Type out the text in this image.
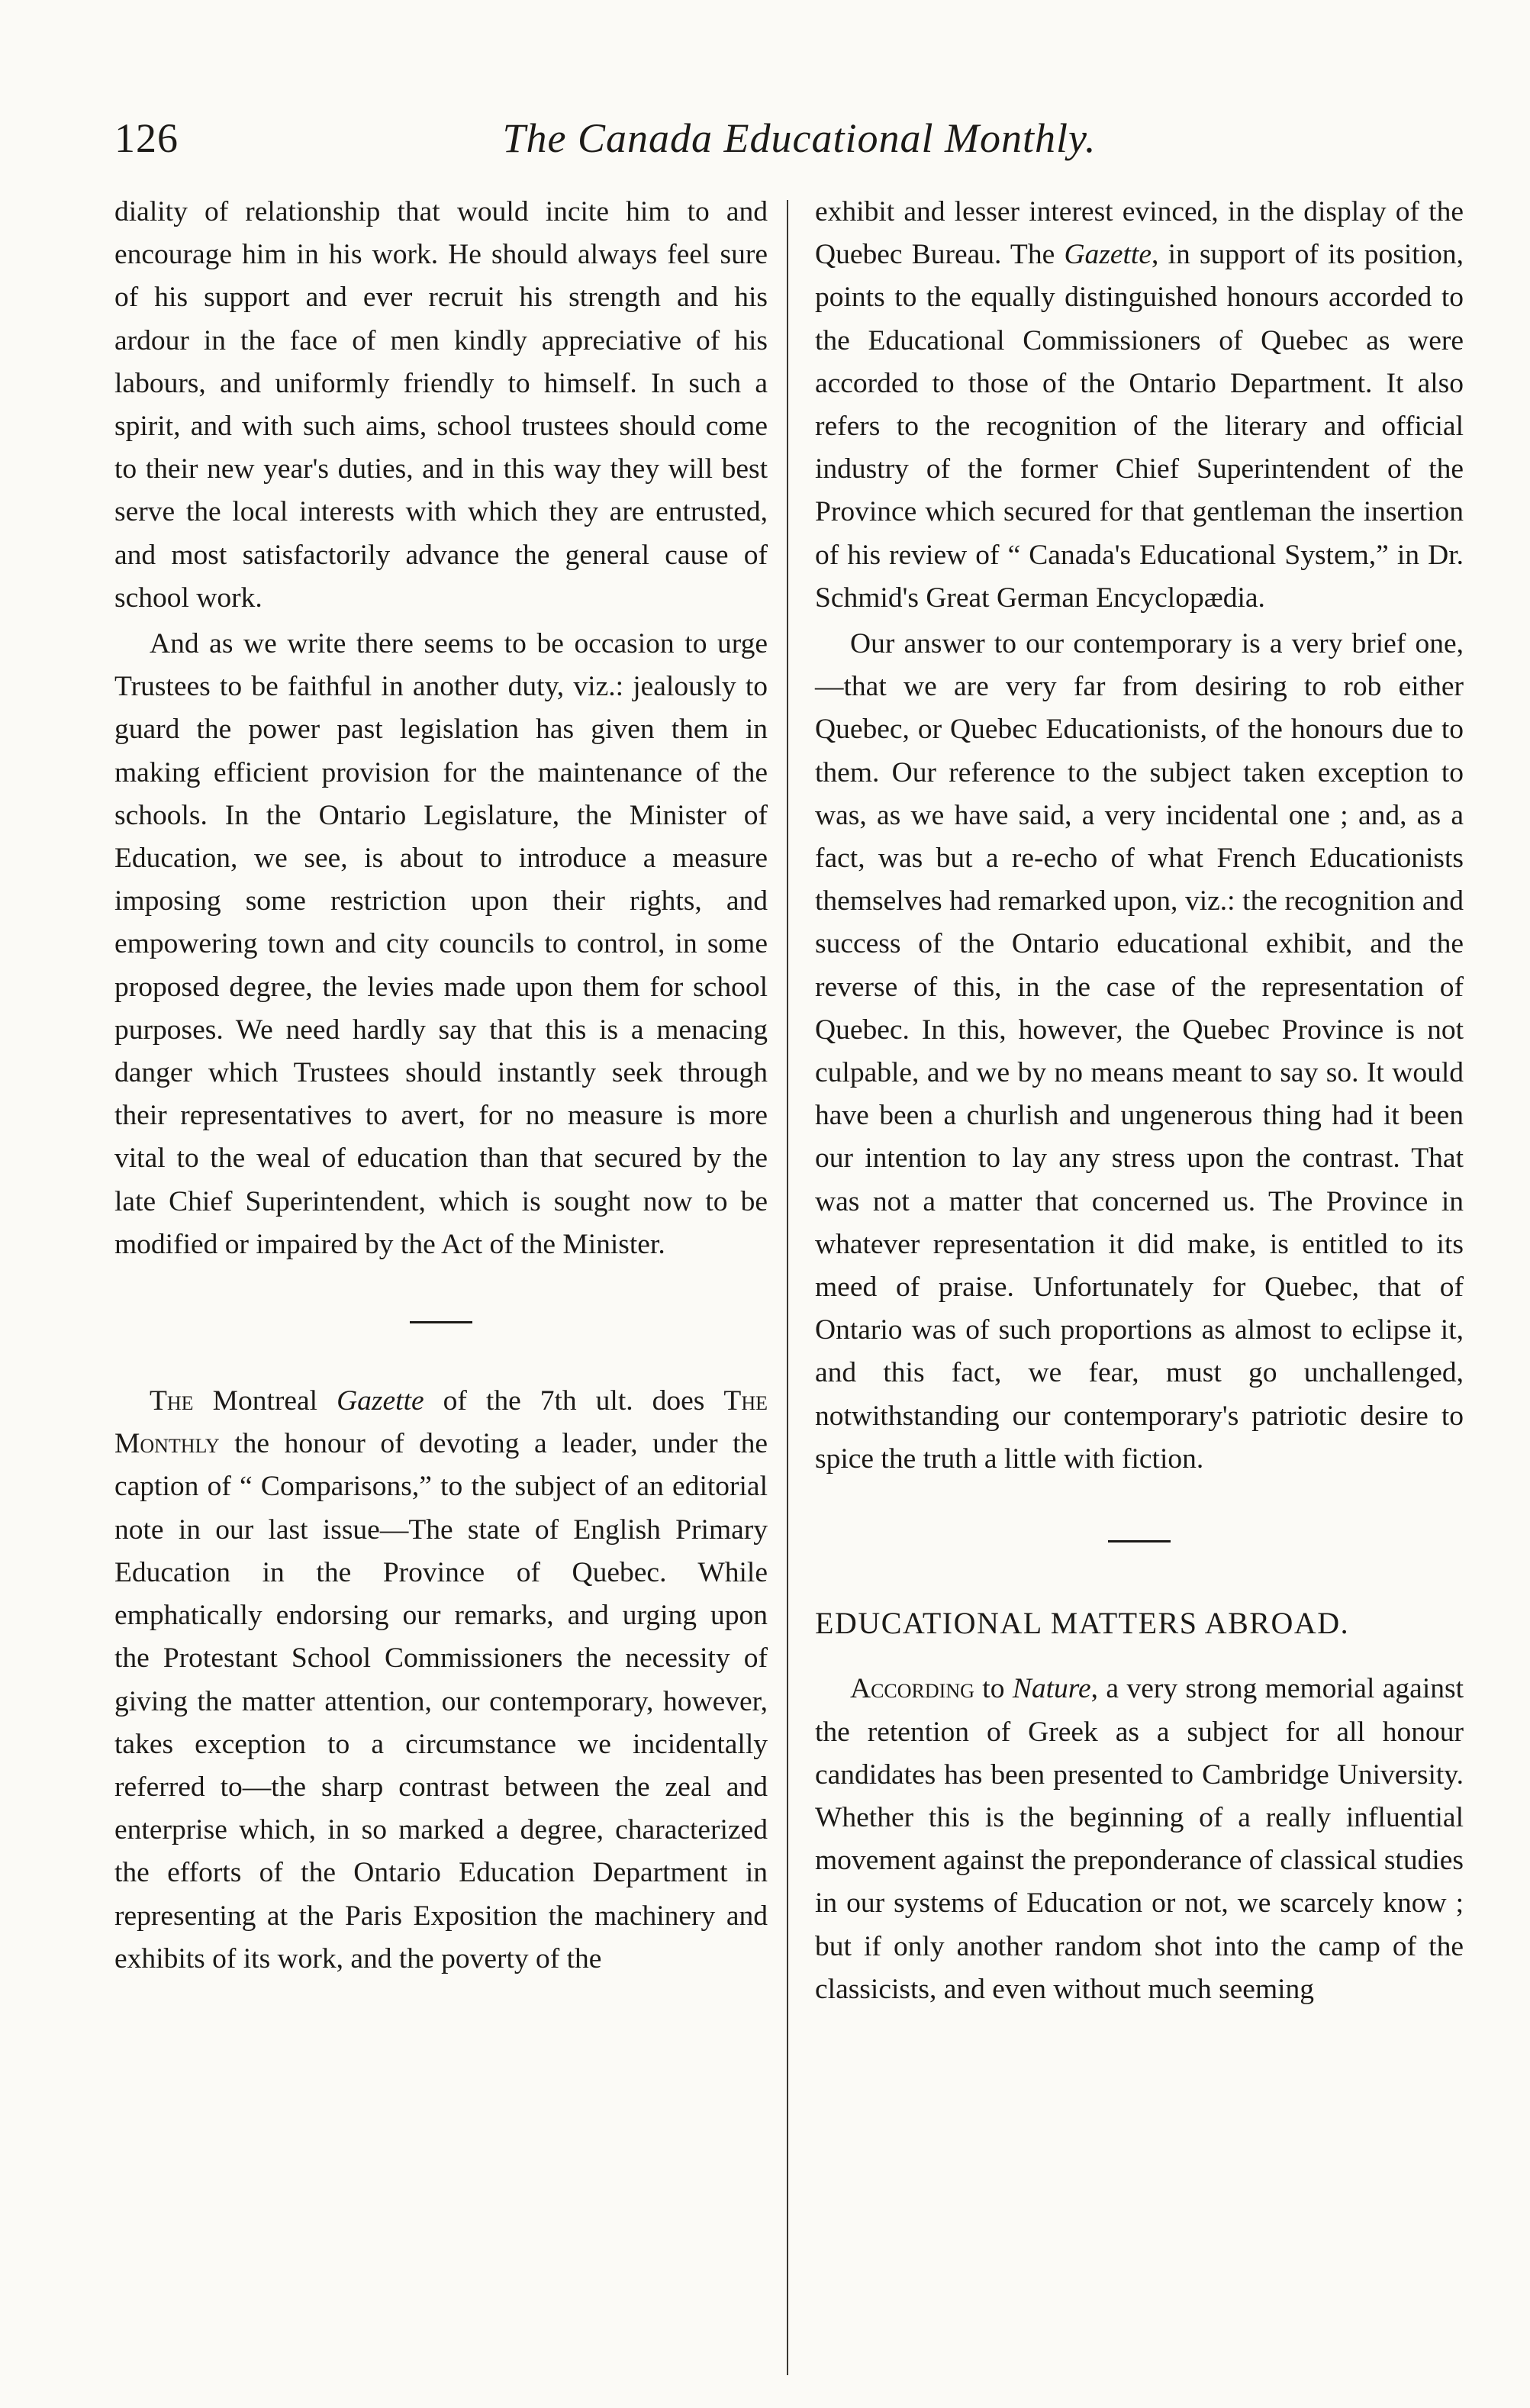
126	The Canada Educational Monthly.

diality of relationship that would incite him to and encourage him in his work. He should always feel sure of his support and ever recruit his strength and his ardour in the face of men kindly appreciative of his labours, and uniformly friendly to himself. In such a spirit, and with such aims, school trustees should come to their new year's duties, and in this way they will best serve the local interests with which they are entrusted, and most satisfactorily advance the general cause of school work.

And as we write there seems to be occasion to urge Trustees to be faithful in another duty, viz.: jealously to guard the power past legislation has given them in making efficient provision for the maintenance of the schools. In the Ontario Legislature, the Minister of Education, we see, is about to introduce a measure imposing some restriction upon their rights, and empowering town and city councils to control, in some proposed degree, the levies made upon them for school purposes. We need hardly say that this is a menacing danger which Trustees should instantly seek through their representatives to avert, for no measure is more vital to the weal of education than that secured by the late Chief Superintendent, which is sought now to be modified or impaired by the Act of the Minister.

The Montreal Gazette of the 7th ult. does The Monthly the honour of devoting a leader, under the caption of “ Comparisons,” to the subject of an editorial note in our last issue—The state of English Primary Education in the Province of Quebec. While emphatically endorsing our remarks, and urging upon the Protestant School Commissioners the necessity of giving the matter attention, our contemporary, however, takes exception to a circumstance we incidentally referred to—the sharp contrast between the zeal and enterprise which, in so marked a degree, characterized the efforts of the Ontario Education Department in representing at the Paris Exposition the machinery and exhibits of its work, and the poverty of the

exhibit and lesser interest evinced, in the display of the Quebec Bureau. The Gazette, in support of its position, points to the equally distinguished honours accorded to the Educational Commissioners of Quebec as were accorded to those of the Ontario Department. It also refers to the recognition of the literary and official industry of the former Chief Superintendent of the Province which secured for that gentleman the insertion of his review of “ Canada's Educational System,” in Dr. Schmid's Great German Encyclopædia.

Our answer to our contemporary is a very brief one,—that we are very far from desiring to rob either Quebec, or Quebec Educationists, of the honours due to them. Our reference to the subject taken exception to was, as we have said, a very incidental one ; and, as a fact, was but a re-echo of what French Educationists themselves had remarked upon, viz.: the recognition and success of the Ontario educational exhibit, and the reverse of this, in the case of the representation of Quebec. In this, however, the Quebec Province is not culpable, and we by no means meant to say so. It would have been a churlish and ungenerous thing had it been our intention to lay any stress upon the contrast. That was not a matter that concerned us. The Province in whatever representation it did make, is entitled to its meed of praise. Unfortunately for Quebec, that of Ontario was of such proportions as almost to eclipse it, and this fact, we fear, must go unchallenged, notwithstanding our contemporary's patriotic desire to spice the truth a little with fiction.

EDUCATIONAL MATTERS ABROAD.

According to Nature, a very strong memorial against the retention of Greek as a subject for all honour candidates has been presented to Cambridge University. Whether this is the beginning of a really influential movement against the preponderance of classical studies in our systems of Education or not, we scarcely know ; but if only another random shot into the camp of the classicists, and even without much seeming
